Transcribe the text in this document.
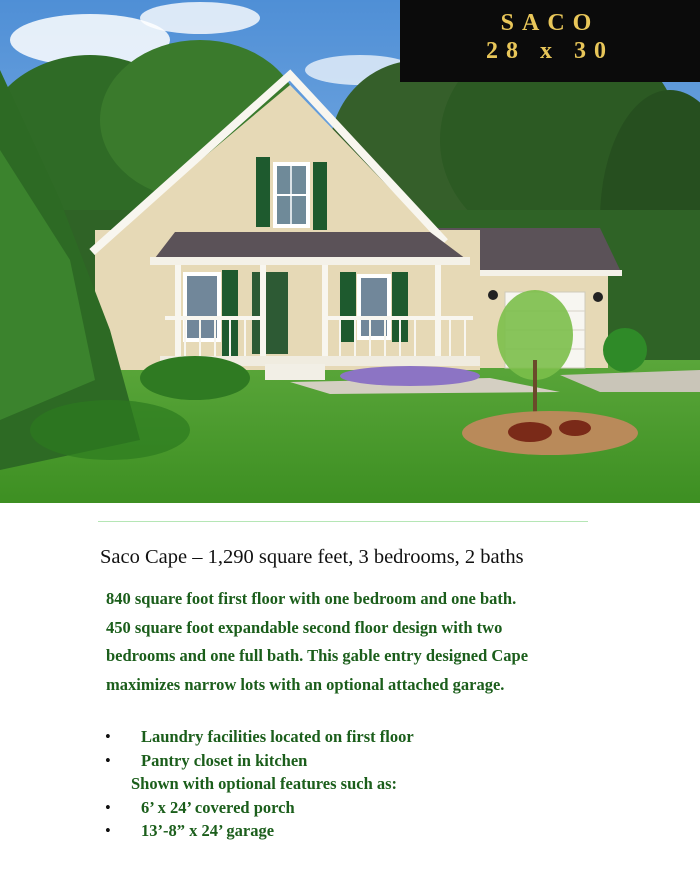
SACO
28 x 30
Saco Cape – 1,290 square feet, 3 bedrooms, 2 baths
840 square foot first floor with one bedroom and one bath.
450 square foot expandable second floor design with two
bedrooms and one full bath. This gable entry designed Cape
maximizes narrow lots with an optional attached garage.
• Laundry facilities located on first floor
• Pantry closet in kitchen
Shown with optional features such as:
• 6’ x 24’ covered porch
• 13’-8” x 24’ garage
